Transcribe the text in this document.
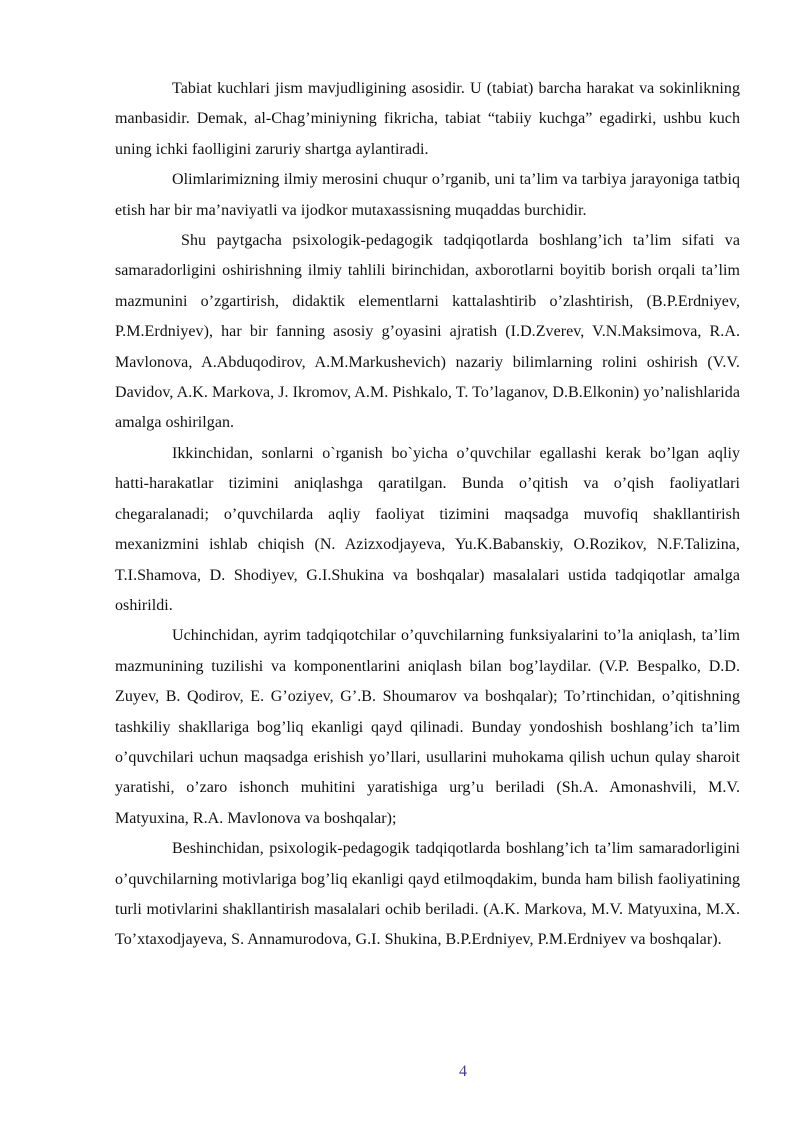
Tabiat kuchlari jism mavjudligining asosidir. U (tabiat) barcha harakat va sokinlikning manbasidir. Demak, al-Chag’miniyning fikricha, tabiat “tabiiy kuchga” egadirki, ushbu kuch uning ichki faolligini zaruriy shartga aylantiradi.

Olimlarimizning ilmiy merosini chuqur o’rganib, uni ta’lim va tarbiya jarayoniga tatbiq etish har bir ma’naviyatli va ijodkor mutaxassisning muqaddas burchidir.

Shu paytgacha psixologik-pedagogik tadqiqotlarda boshlang’ich ta’lim sifati va samaradorligini oshirishning ilmiy tahlili birinchidan, axborotlarni boyitib borish orqali ta’lim mazmunini o’zgartirish, didaktik elementlarni kattalashtirib o’zlashtirish, (B.P.Erdniyev, P.M.Erdniyev), har bir fanning asosiy g’oyasini ajratish (I.D.Zverev, V.N.Maksimova, R.A. Mavlonova, A.Abduqodirov, A.M.Markushevich) nazariy bilimlarning rolini oshirish (V.V. Davidov, A.K. Markova, J. Ikromov, A.M. Pishkalo, T. To’laganov, D.B.Elkonin) yo’nalishlarida amalga oshirilgan.

Ikkinchidan, sonlarni o`rganish bo`yicha o’quvchilar egallashi kerak bo’lgan aqliy hatti-harakatlar tizimini aniqlashga qaratilgan. Bunda o’qitish va o’qish faoliyatlari chegaralanadi; o’quvchilarda aqliy faoliyat tizimini maqsadga muvofiq shakllantirish mexanizmini ishlab chiqish (N. Azizxodjayeva, Yu.K.Babanskiy, O.Rozikov, N.F.Talizina, T.I.Shamova, D. Shodiyev, G.I.Shukina va boshqalar) masalalari ustida tadqiqotlar amalga oshirildi.

Uchinchidan, ayrim tadqiqotchilar o’quvchilarning funksiyalarini to’la aniqlash, ta’lim mazmunining tuzilishi va komponentlarini aniqlash bilan bog’laydilar. (V.P. Bespalko, D.D. Zuyev, B. Qodirov, E. G’oziyev, G’.B. Shoumarov va boshqalar); To’rtinchidan, o’qitishning tashkiliy shakllariga bog’liq ekanligi qayd qilinadi. Bunday yondoshish boshlang’ich ta’lim o’quvchilari uchun maqsadga erishish yo’llari, usullarini muhokama qilish uchun qulay sharoit yaratishi, o’zaro ishonch muhitini yaratishiga urg’u beriladi (Sh.A. Amonashvili, M.V. Matyuxina, R.A. Mavlonova va boshqalar);

Beshinchidan, psixologik-pedagogik tadqiqotlarda boshlang’ich ta’lim samaradorligini o’quvchilarning motivlariga bog’liq ekanligi qayd etilmoqdakim, bunda ham bilish faoliyatining turli motivlarini shakllantirish masalalari ochib beriladi. (A.K. Markova, M.V. Matyuxina, M.X. To’xtaxodjayeva, S. Annamurodova, G.I. Shukina, B.P.Erdniyev, P.M.Erdniyev va boshqalar).

4
